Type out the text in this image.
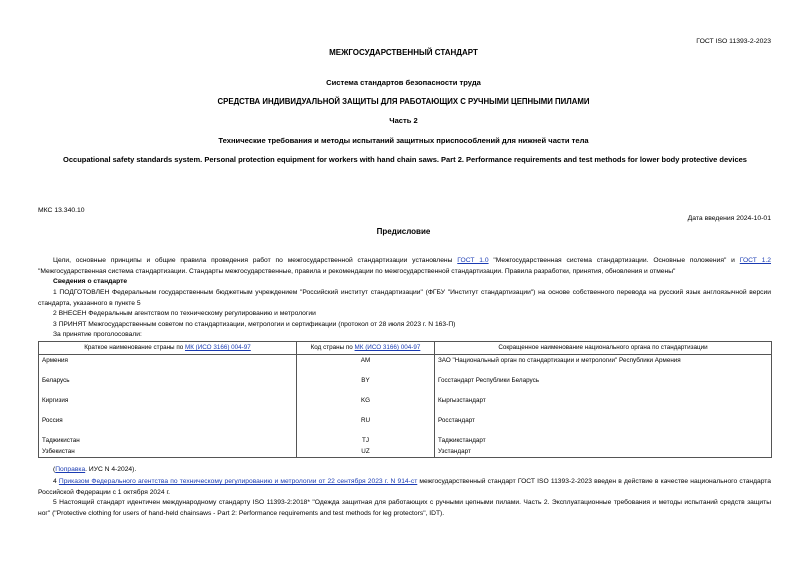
ГОСТ ISO 11393-2-2023
МЕЖГОСУДАРСТВЕННЫЙ СТАНДАРТ
Система стандартов безопасности труда
СРЕДСТВА ИНДИВИДУАЛЬНОЙ ЗАЩИТЫ ДЛЯ РАБОТАЮЩИХ С РУЧНЫМИ ЦЕПНЫМИ ПИЛАМИ
Часть 2
Технические требования и методы испытаний защитных приспособлений для нижней части тела
Occupational safety standards system. Personal protection equipment for workers with hand chain saws. Part 2. Performance requirements and test methods for lower body protective devices
МКС 13.340.10
Дата введения 2024-10-01
Предисловие
Цели, основные принципы и общие правила проведения работ по межгосударственной стандартизации установлены ГОСТ 1.0 "Межгосударственная система стандартизации. Основные положения" и ГОСТ 1.2 "Межгосударственная система стандартизации. Стандарты межгосударственные, правила и рекомендации по межгосударственной стандартизации. Правила разработки, принятия, обновления и отмены"
Сведения о стандарте
1 ПОДГОТОВЛЕН Федеральным государственным бюджетным учреждением "Российский институт стандартизации" (ФГБУ "Институт стандартизации") на основе собственного перевода на русский язык англоязычной версии стандарта, указанного в пункте 5
2 ВНЕСЕН Федеральным агентством по техническому регулированию и метрологии
3 ПРИНЯТ Межгосударственным советом по стандартизации, метрологии и сертификации (протокол от 28 июля 2023 г. N 163-П)
За принятие проголосовали:
Краткое наименование страны по МК (ИСО 3166) 004-97	Код страны по МК (ИСО 3166) 004-97	Сокращенное наименование национального органа по стандартизации
Армения	AM	ЗАО "Национальный орган по стандартизации и метрологии" Республики Армения
Беларусь	BY	Госстандарт Республики Беларусь
Киргизия	KG	Кыргызстандарт
Россия	RU	Росстандарт
Таджикистан	TJ	Таджикстандарт
Узбекистан	UZ	Узстандарт
(Поправка. ИУС N 4-2024).
4 Приказом Федерального агентства по техническому регулированию и метрологии от 22 сентября 2023 г. N 914-ст межгосударственный стандарт ГОСТ ISO 11393-2-2023 введен в действие в качестве национального стандарта Российской Федерации с 1 октября 2024 г.
5 Настоящий стандарт идентичен международному стандарту ISO 11393-2:2018* "Одежда защитная для работающих с ручными цепными пилами. Часть 2. Эксплуатационные требования и методы испытаний средств защиты ног" ("Protective clothing for users of hand-held chainsaws - Part 2: Performance requirements and test methods for leg protectors", IDT).
